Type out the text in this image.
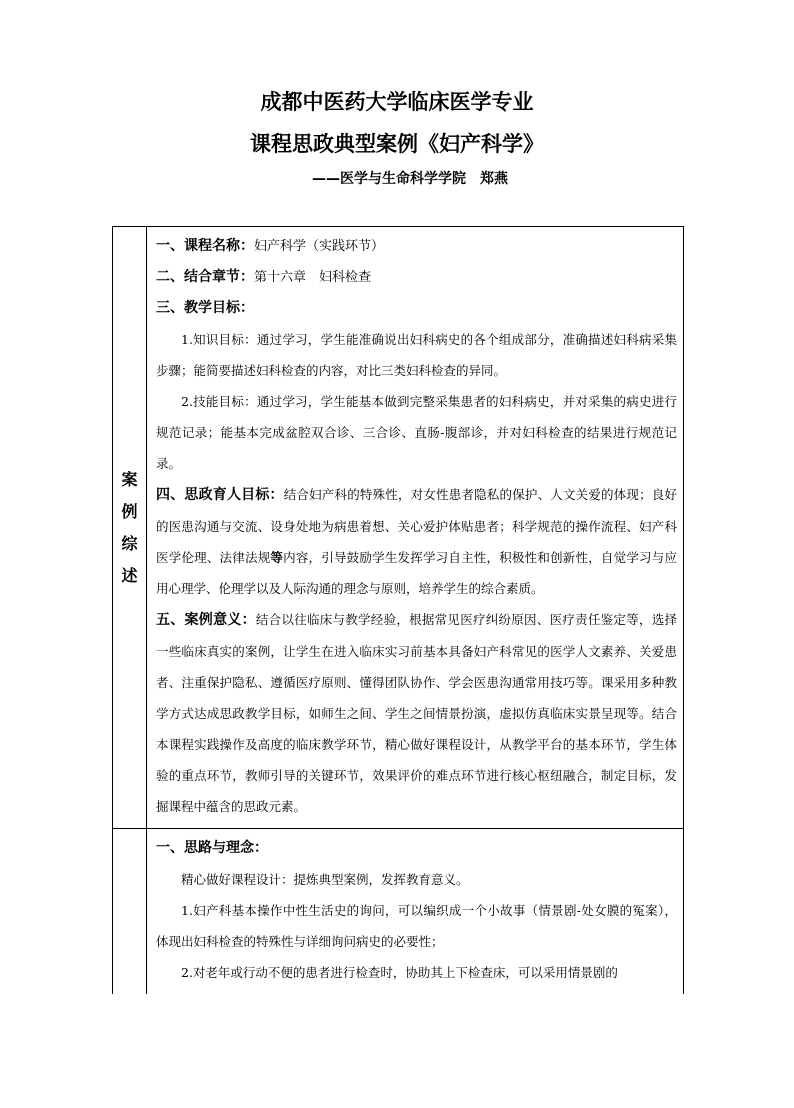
成都中医药大学临床医学专业
课程思政典型案例《妇产科学》
——医学与生命科学学院　郑燕
案例综述
一、课程名称：妇产科学（实践环节）
二、结合章节：第十六章　妇科检查
三、教学目标：
1.知识目标：通过学习，学生能准确说出妇科病史的各个组成部分，准确描述妇科病采集步骤；能简要描述妇科检查的内容，对比三类妇科检查的异同。
2.技能目标：通过学习，学生能基本做到完整采集患者的妇科病史，并对采集的病史进行规范记录；能基本完成盆腔双合诊、三合诊、直肠-腹部诊，并对妇科检查的结果进行规范记录。
四、思政育人目标：结合妇产科的特殊性，对女性患者隐私的保护、人文关爱的体现；良好的医患沟通与交流、设身处地为病患着想、关心爱护体贴患者；科学规范的操作流程、妇产科医学伦理、法律法规等内容，引导鼓励学生发挥学习自主性，积极性和创新性，自觉学习与应用心理学、伦理学以及人际沟通的理念与原则，培养学生的综合素质。
五、案例意义：结合以往临床与教学经验，根据常见医疗纠纷原因、医疗责任鉴定等，选择一些临床真实的案例，让学生在进入临床实习前基本具备妇产科常见的医学人文素养、关爱患者、注重保护隐私、遵循医疗原则、懂得团队协作、学会医患沟通常用技巧等。课采用多种教学方式达成思政教学目标，如师生之间、学生之间情景扮演，虚拟仿真临床实景呈现等。结合本课程实践操作及高度的临床教学环节，精心做好课程设计，从教学平台的基本环节，学生体验的重点环节，教师引导的关键环节，效果评价的难点环节进行核心枢纽融合，制定目标，发掘课程中蕴含的思政元素。
一、思路与理念：
精心做好课程设计：提炼典型案例，发挥教育意义。
1.妇产科基本操作中性生活史的询问，可以编织成一个小故事（情景剧-处女膜的冤案），体现出妇科检查的特殊性与详细询问病史的必要性；
2.对老年或行动不便的患者进行检查时，协助其上下检查床，可以采用情景剧的
